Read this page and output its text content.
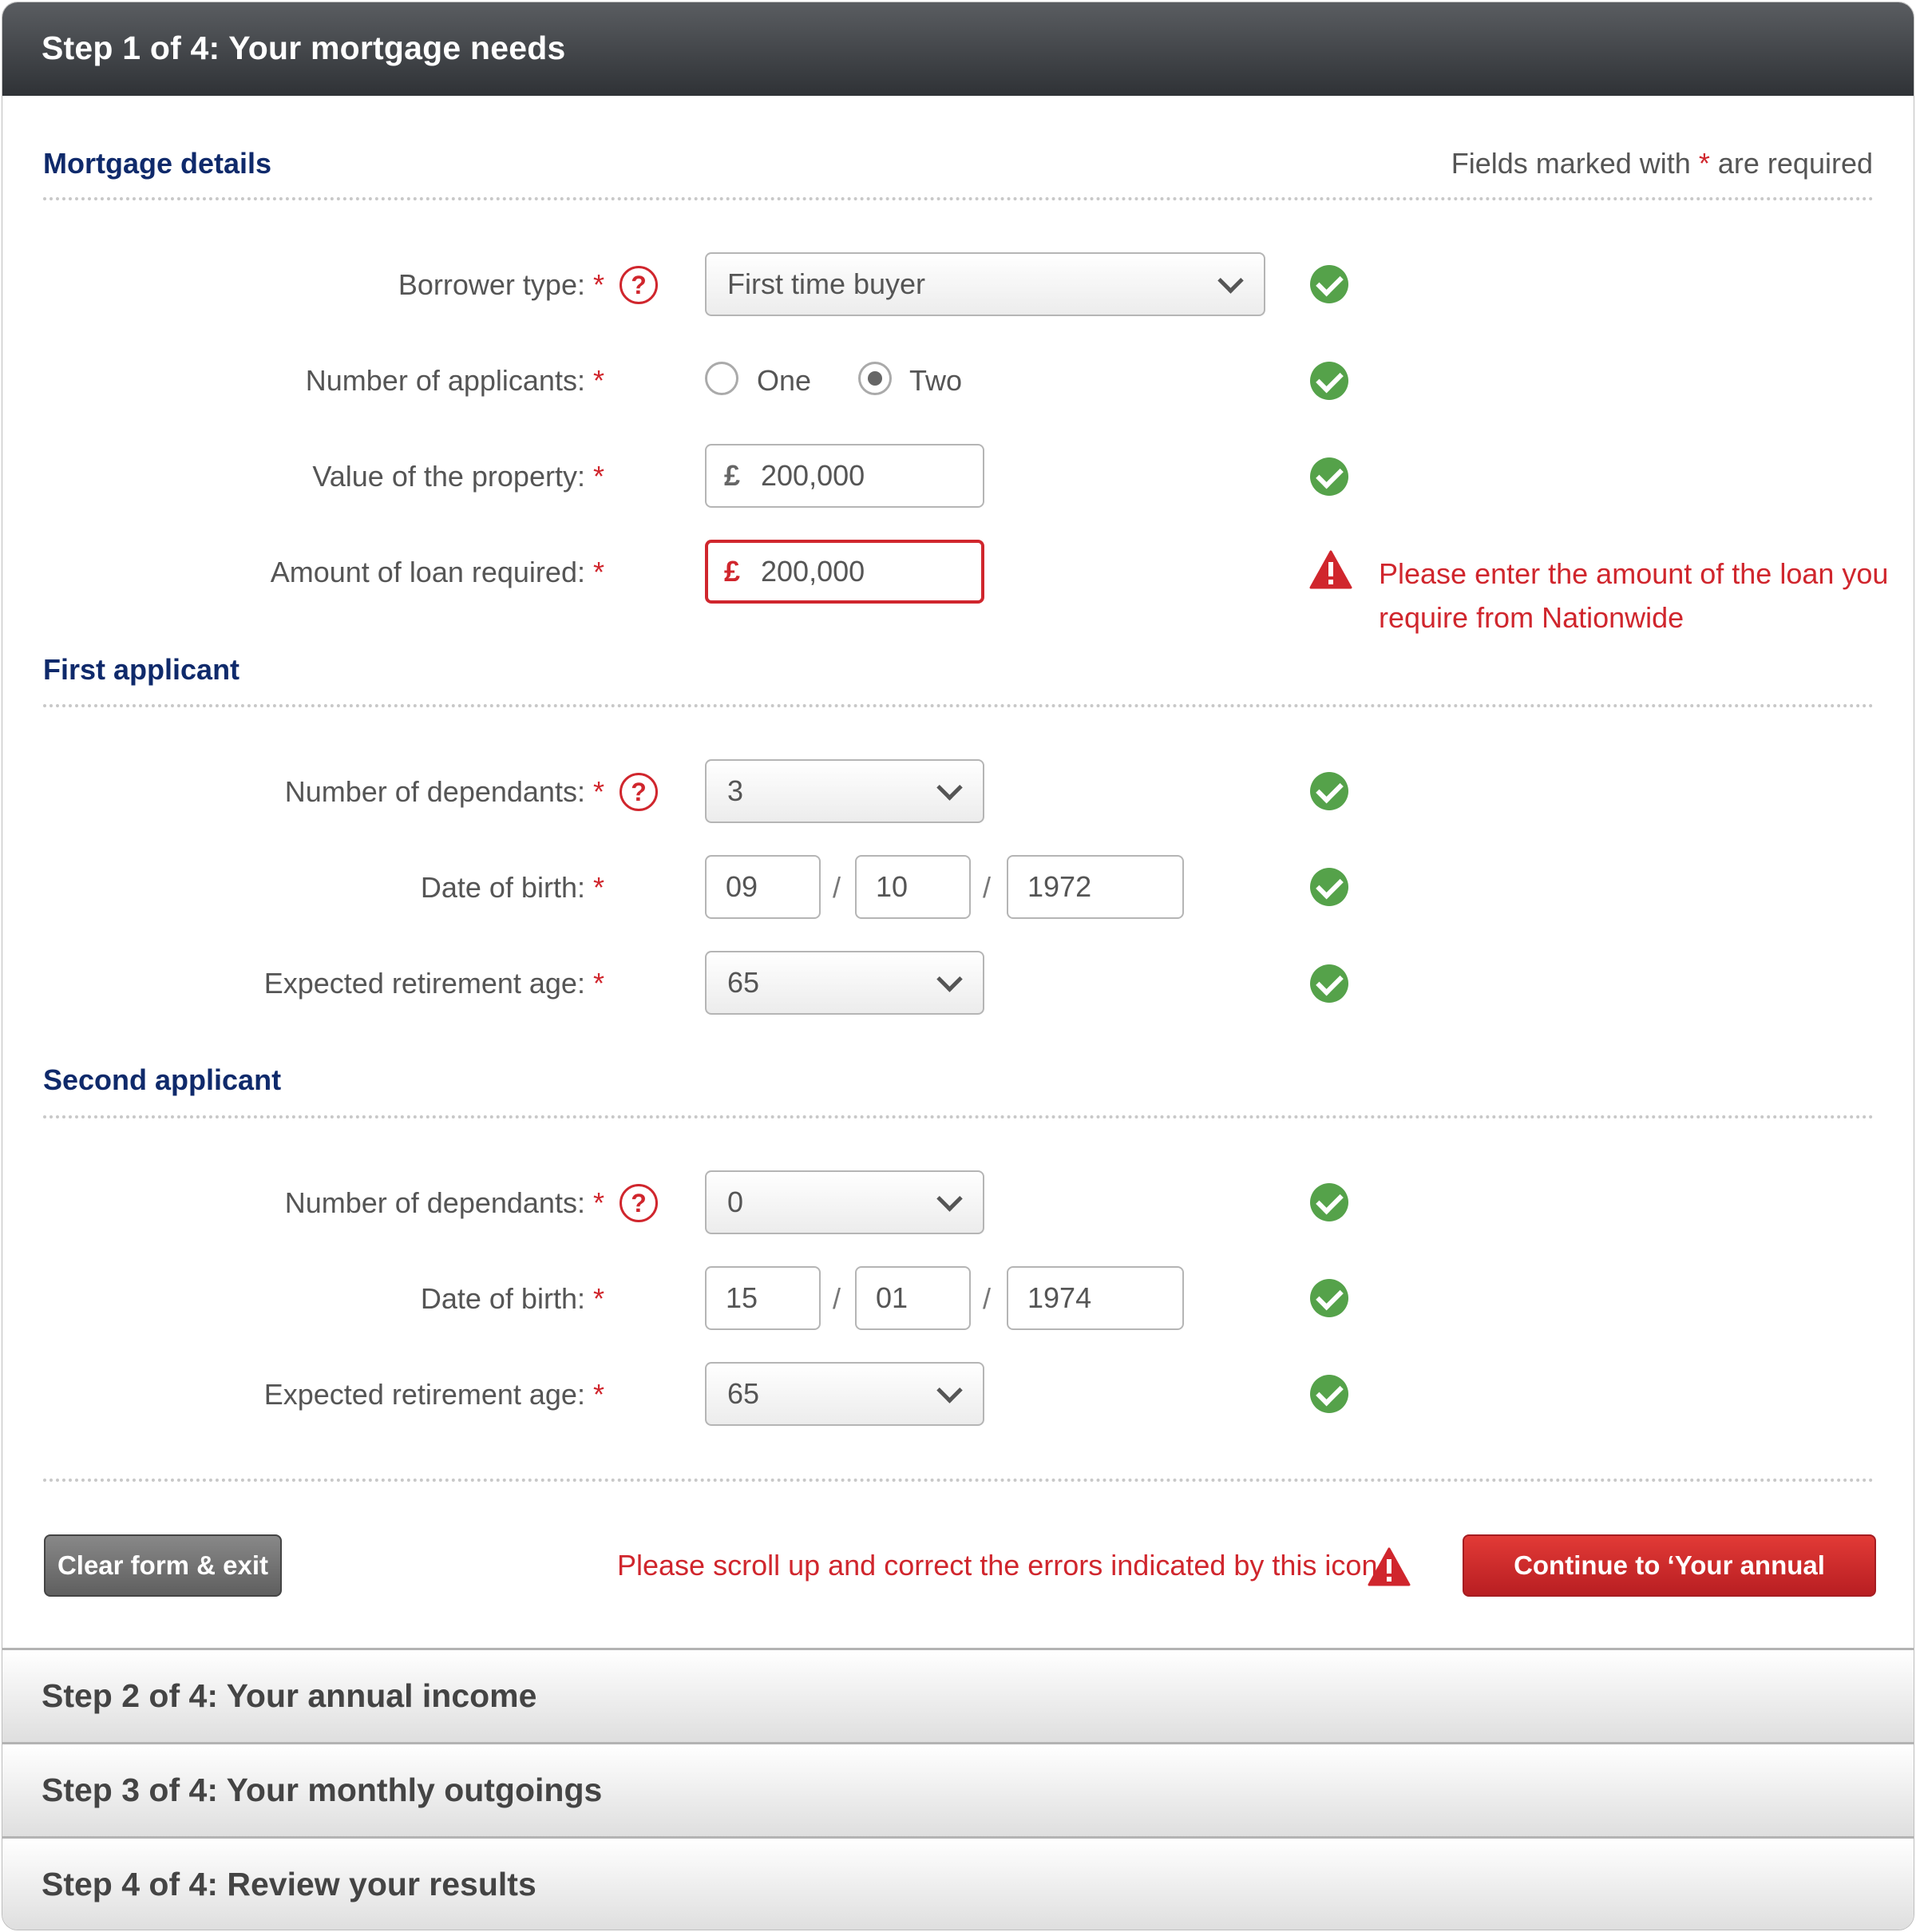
Step 1 of 4: Your mortgage needs
Mortgage details	Fields marked with * are required
Borrower type: *	?	First time buyer
Number of applicants: *	One	Two
Value of the property: *	£ 200,000
Amount of loan required: *	£ 200,000	Please enter the amount of the loan you
require from Nationwide
First applicant
Number of dependants: *	?	3
Date of birth: *	09	/ 10	/ 1972
Expected retirement age: *	65
Second applicant
Number of dependants: *	?	0
Date of birth: *	15	/ 01	/ 1974
Expected retirement age: *	65
Clear form & exit	Please scroll up and correct the errors indicated by this icon	Continue to ‘Your annual income’
Step 2 of 4: Your annual income
Step 3 of 4: Your monthly outgoings
Step 4 of 4: Review your results
